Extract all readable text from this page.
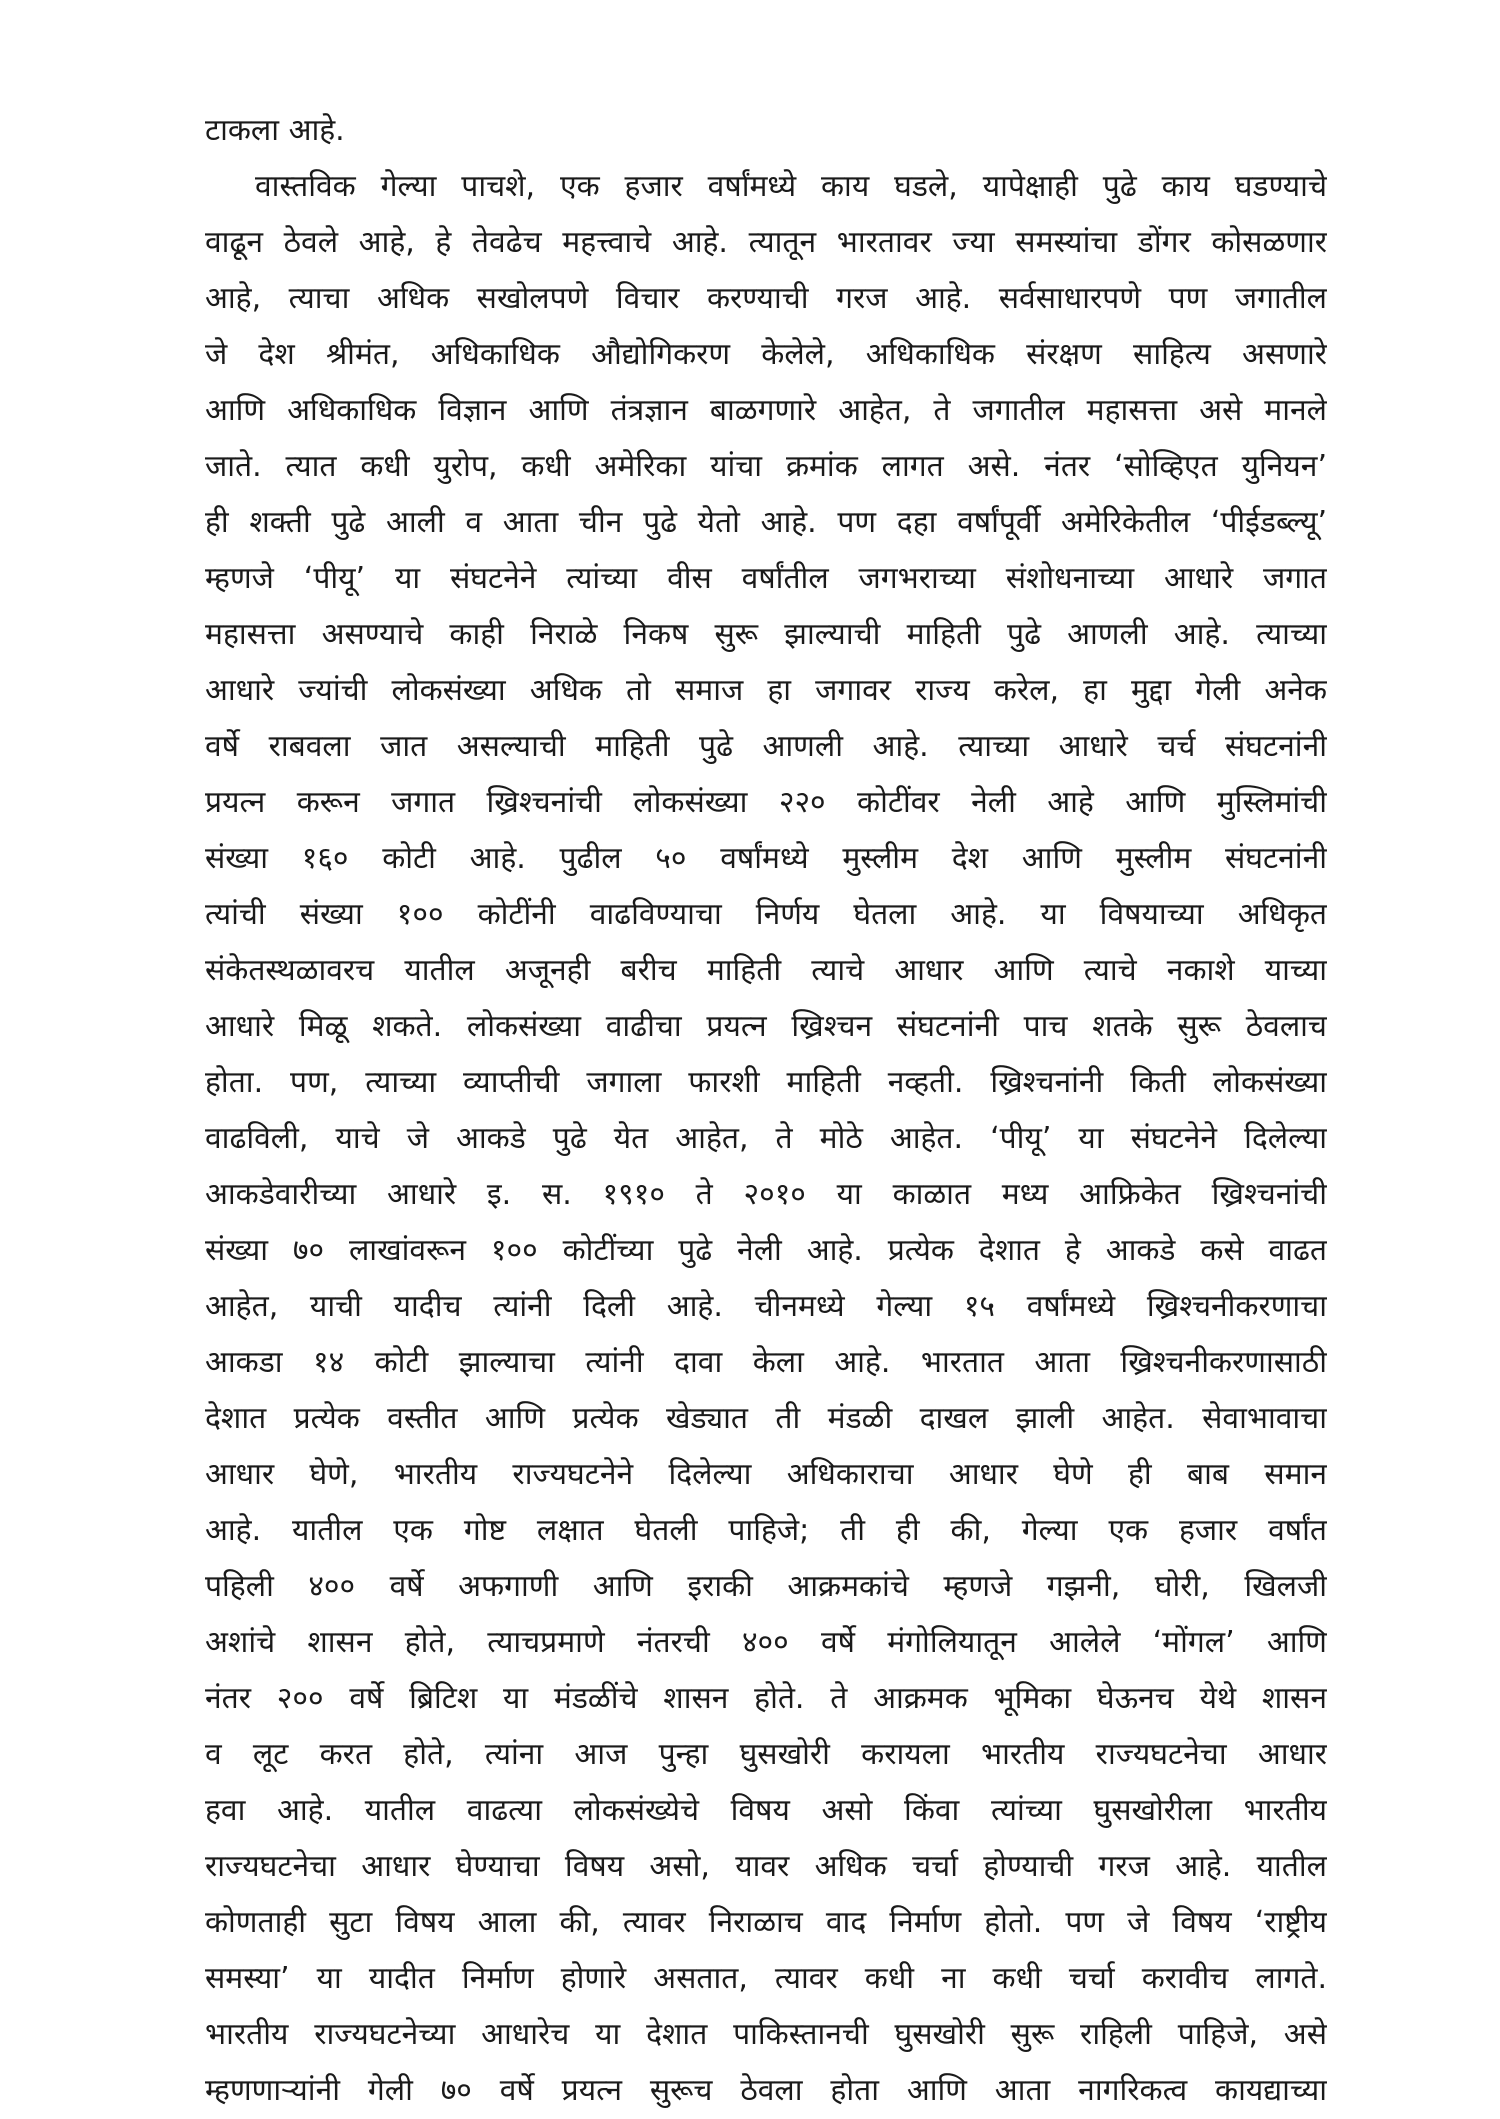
टाकला आहे.
वास्तविक गेल्या पाचशे, एक हजार वर्षांमध्ये काय घडले, यापेक्षाही पुढे काय घडण्याचे
वाढून ठेवले आहे, हे तेवढेच महत्त्वाचे आहे. त्यातून भारतावर ज्या समस्यांचा डोंगर कोसळणार
आहे, त्याचा अधिक सखोलपणे विचार करण्याची गरज आहे. सर्वसाधारपणे पण जगातील
जे देश श्रीमंत, अधिकाधिक औद्योगिकरण केलेले, अधिकाधिक संरक्षण साहित्य असणारे
आणि अधिकाधिक विज्ञान आणि तंत्रज्ञान बाळगणारे आहेत, ते जगातील महासत्ता असे मानले
जाते. त्यात कधी युरोप, कधी अमेरिका यांचा क्रमांक लागत असे. नंतर ‘सोव्हिएत युनियन’
ही शक्ती पुढे आली व आता चीन पुढे येतो आहे. पण दहा वर्षांपूर्वी अमेरिकेतील ‘पीईडब्ल्यू’
म्हणजे ‘पीयू’ या संघटनेने त्यांच्या वीस वर्षांतील जगभराच्या संशोधनाच्या आधारे जगात
महासत्ता असण्याचे काही निराळे निकष सुरू झाल्याची माहिती पुढे आणली आहे. त्याच्या
आधारे ज्यांची लोकसंख्या अधिक तो समाज हा जगावर राज्य करेल, हा मुद्दा गेली अनेक
वर्षे राबवला जात असल्याची माहिती पुढे आणली आहे. त्याच्या आधारे चर्च संघटनांनी
प्रयत्न करून जगात ख्रिश्चनांची लोकसंख्या २२० कोटींवर नेली आहे आणि मुस्लिमांची
संख्या १६० कोटी आहे. पुढील ५० वर्षांमध्ये मुस्लीम देश आणि मुस्लीम संघटनांनी
त्यांची संख्या १०० कोटींनी वाढविण्याचा निर्णय घेतला आहे. या विषयाच्या अधिकृत
संकेतस्थळावरच यातील अजूनही बरीच माहिती त्याचे आधार आणि त्याचे नकाशे याच्या
आधारे मिळू शकते. लोकसंख्या वाढीचा प्रयत्न ख्रिश्चन संघटनांनी पाच शतके सुरू ठेवलाच
होता. पण, त्याच्या व्याप्तीची जगाला फारशी माहिती नव्हती. ख्रिश्चनांनी किती लोकसंख्या
वाढविली, याचे जे आकडे पुढे येत आहेत, ते मोठे आहेत. ‘पीयू’ या संघटनेने दिलेल्या
आकडेवारीच्या आधारे इ. स. १९१० ते २०१० या काळात मध्य आफ्रिकेत ख्रिश्चनांची
संख्या ७० लाखांवरून १०० कोटींच्या पुढे नेली आहे. प्रत्येक देशात हे आकडे कसे वाढत
आहेत, याची यादीच त्यांनी दिली आहे. चीनमध्ये गेल्या १५ वर्षांमध्ये ख्रिश्चनीकरणाचा
आकडा १४ कोटी झाल्याचा त्यांनी दावा केला आहे. भारतात आता ख्रिश्चनीकरणासाठी
देशात प्रत्येक वस्तीत आणि प्रत्येक खेड्यात ती मंडळी दाखल झाली आहेत. सेवाभावाचा
आधार घेणे, भारतीय राज्यघटनेने दिलेल्या अधिकाराचा आधार घेणे ही बाब समान
आहे. यातील एक गोष्ट लक्षात घेतली पाहिजे; ती ही की, गेल्या एक हजार वर्षांत
पहिली ४०० वर्षे अफगाणी आणि इराकी आक्रमकांचे म्हणजे गझनी, घोरी, खिलजी
अशांचे शासन होते, त्याचप्रमाणे नंतरची ४०० वर्षे मंगोलियातून आलेले ‘मोंगल’ आणि
नंतर २०० वर्षे ब्रिटिश या मंडळींचे शासन होते. ते आक्रमक भूमिका घेऊनच येथे शासन
व लूट करत होते, त्यांना आज पुन्हा घुसखोरी करायला भारतीय राज्यघटनेचा आधार
हवा आहे. यातील वाढत्या लोकसंख्येचे विषय असो किंवा त्यांच्या घुसखोरीला भारतीय
राज्यघटनेचा आधार घेण्याचा विषय असो, यावर अधिक चर्चा होण्याची गरज आहे. यातील
कोणताही सुटा विषय आला की, त्यावर निराळाच वाद निर्माण होतो. पण जे विषय ‘राष्ट्रीय
समस्या’ या यादीत निर्माण होणारे असतात, त्यावर कधी ना कधी चर्चा करावीच लागते.
भारतीय राज्यघटनेच्या आधारेच या देशात पाकिस्तानची घुसखोरी सुरू राहिली पाहिजे, असे
म्हणणाऱ्यांनी गेली ७० वर्षे प्रयत्न सुरूच ठेवला होता आणि आता नागरिकत्व कायद्याच्या
